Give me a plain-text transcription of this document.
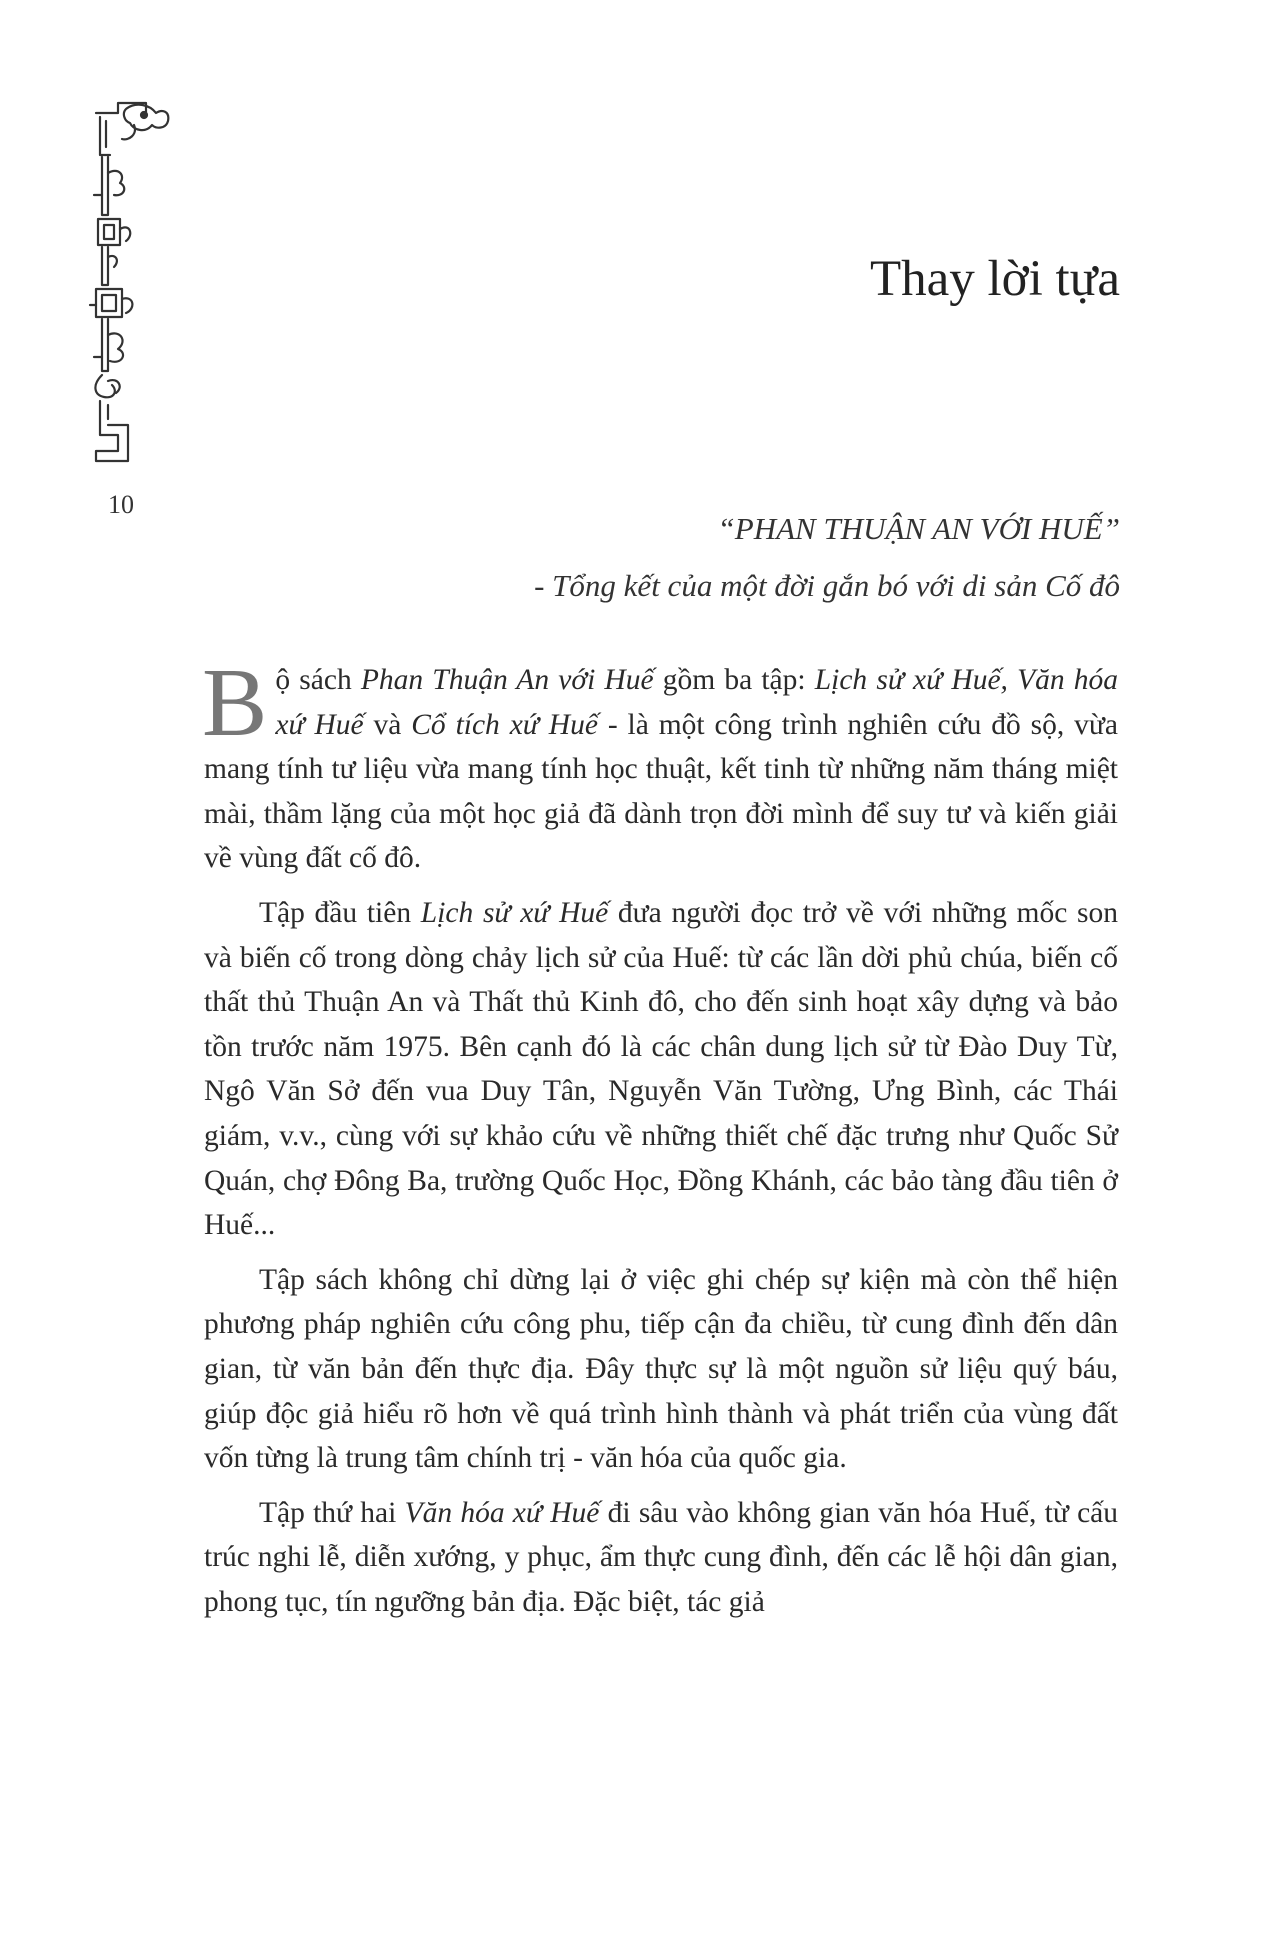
10
Thay lời tựa
“PHAN THUẬN AN VỚI HUẾ”
- Tổng kết của một đời gắn bó với di sản Cố đô

Bộ sách Phan Thuận An với Huế gồm ba tập: Lịch sử xứ Huế, Văn hóa xứ Huế và Cổ tích xứ Huế - là một công trình nghiên cứu đồ sộ, vừa mang tính tư liệu vừa mang tính học thuật, kết tinh từ những năm tháng miệt mài, thầm lặng của một học giả đã dành trọn đời mình để suy tư và kiến giải về vùng đất cố đô.

Tập đầu tiên Lịch sử xứ Huế đưa người đọc trở về với những mốc son và biến cố trong dòng chảy lịch sử của Huế: từ các lần dời phủ chúa, biến cố thất thủ Thuận An và Thất thủ Kinh đô, cho đến sinh hoạt xây dựng và bảo tồn trước năm 1975. Bên cạnh đó là các chân dung lịch sử từ Đào Duy Từ, Ngô Văn Sở đến vua Duy Tân, Nguyễn Văn Tường, Ưng Bình, các Thái giám, v.v., cùng với sự khảo cứu về những thiết chế đặc trưng như Quốc Sử Quán, chợ Đông Ba, trường Quốc Học, Đồng Khánh, các bảo tàng đầu tiên ở Huế...

Tập sách không chỉ dừng lại ở việc ghi chép sự kiện mà còn thể hiện phương pháp nghiên cứu công phu, tiếp cận đa chiều, từ cung đình đến dân gian, từ văn bản đến thực địa. Đây thực sự là một nguồn sử liệu quý báu, giúp độc giả hiểu rõ hơn về quá trình hình thành và phát triển của vùng đất vốn từng là trung tâm chính trị - văn hóa của quốc gia.

Tập thứ hai Văn hóa xứ Huế đi sâu vào không gian văn hóa Huế, từ cấu trúc nghi lễ, diễn xướng, y phục, ẩm thực cung đình, đến các lễ hội dân gian, phong tục, tín ngưỡng bản địa. Đặc biệt, tác giả
